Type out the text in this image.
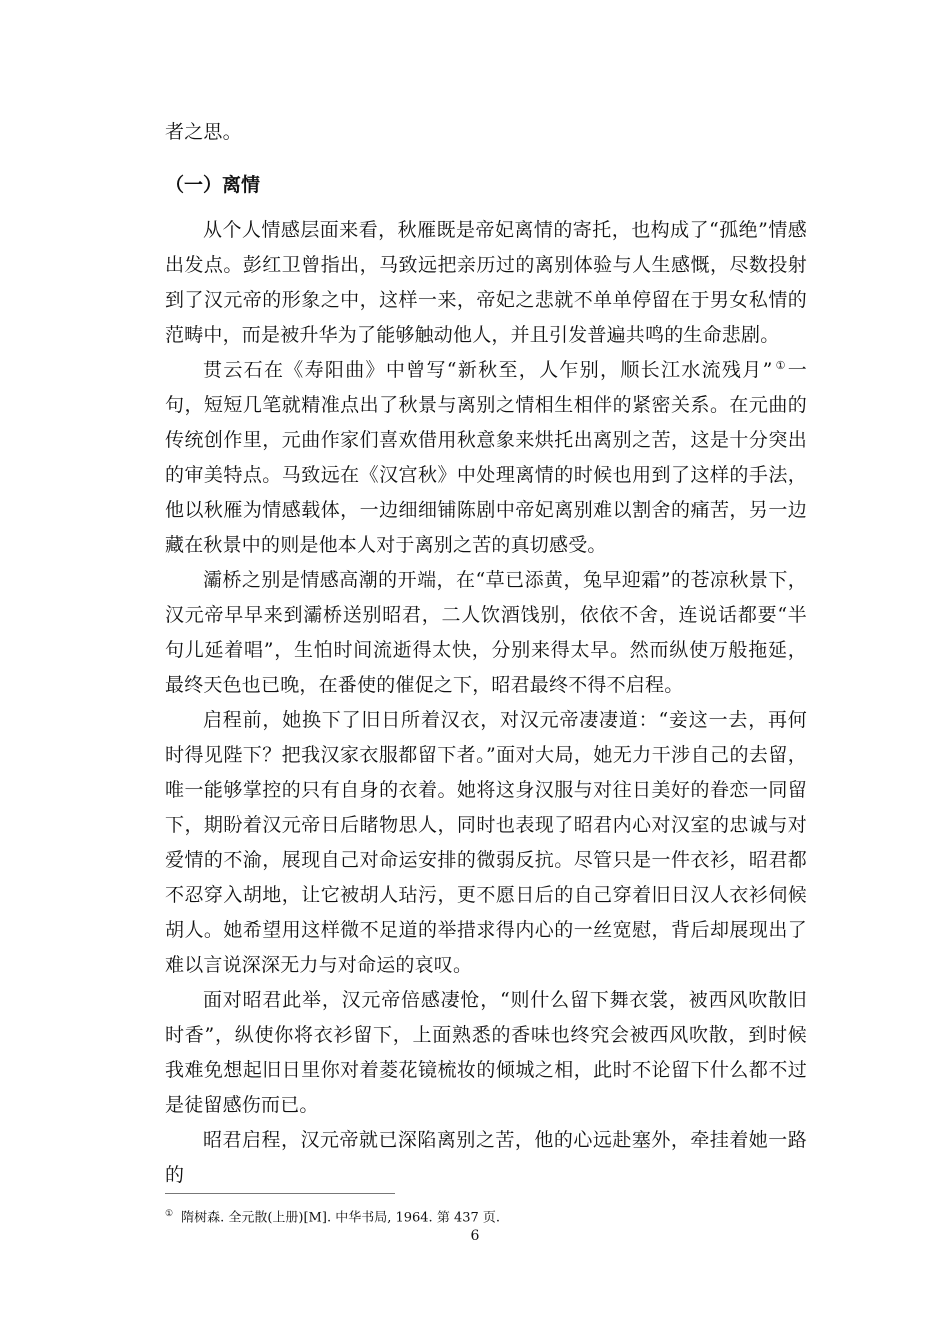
者之思。
（一）离情

从个人情感层面来看，秋雁既是帝妃离情的寄托，也构成了“孤绝”情感出发点。彭红卫曾指出，马致远把亲历过的离别体验与人生感慨，尽数投射到了汉元帝的形象之中，这样一来，帝妃之悲就不单单停留在于男女私情的范畴中，而是被升华为了能够触动他人，并且引发普遍共鸣的生命悲剧。

贯云石在《寿阳曲》中曾写“新秋至，人乍别，顺长江水流残月” ①一句，短短几笔就精准点出了秋景与离别之情相生相伴的紧密关系。在元曲的传统创作里，元曲作家们喜欢借用秋意象来烘托出离别之苦，这是十分突出的审美特点。马致远在《汉宫秋》中处理离情的时候也用到了这样的手法，他以秋雁为情感载体，一边细细铺陈剧中帝妃离别难以割舍的痛苦，另一边藏在秋景中的则是他本人对于离别之苦的真切感受。

灞桥之别是情感高潮的开端，在“草已添黄，兔早迎霜”的苍凉秋景下，汉元帝早早来到灞桥送别昭君，二人饮酒饯别，依依不舍，连说话都要“半句儿延着唱”，生怕时间流逝得太快，分别来得太早。然而纵使万般拖延，最终天色也已晚，在番使的催促之下，昭君最终不得不启程。

启程前，她换下了旧日所着汉衣，对汉元帝凄凄道：“妾这一去，再何时得见陛下？把我汉家衣服都留下者。”面对大局，她无力干涉自己的去留，唯一能够掌控的只有自身的衣着。她将这身汉服与对往日美好的眷恋一同留下，期盼着汉元帝日后睹物思人，同时也表现了昭君内心对汉室的忠诚与对爱情的不渝，展现自己对命运安排的微弱反抗。尽管只是一件衣衫，昭君都不忍穿入胡地，让它被胡人玷污，更不愿日后的自己穿着旧日汉人衣衫伺候胡人。她希望用这样微不足道的举措求得内心的一丝宽慰，背后却展现出了难以言说深深无力与对命运的哀叹。

面对昭君此举，汉元帝倍感凄怆，“则什么留下舞衣裳，被西风吹散旧时香”，纵使你将衣衫留下，上面熟悉的香味也终究会被西风吹散，到时候我难免想起旧日里你对着菱花镜梳妆的倾城之相，此时不论留下什么都不过是徒留感伤而已。

昭君启程，汉元帝就已深陷离别之苦，他的心远赴塞外，牵挂着她一路的

① 隋树森. 全元散(上册)[M]. 中华书局, 1964. 第 437 页.
6
